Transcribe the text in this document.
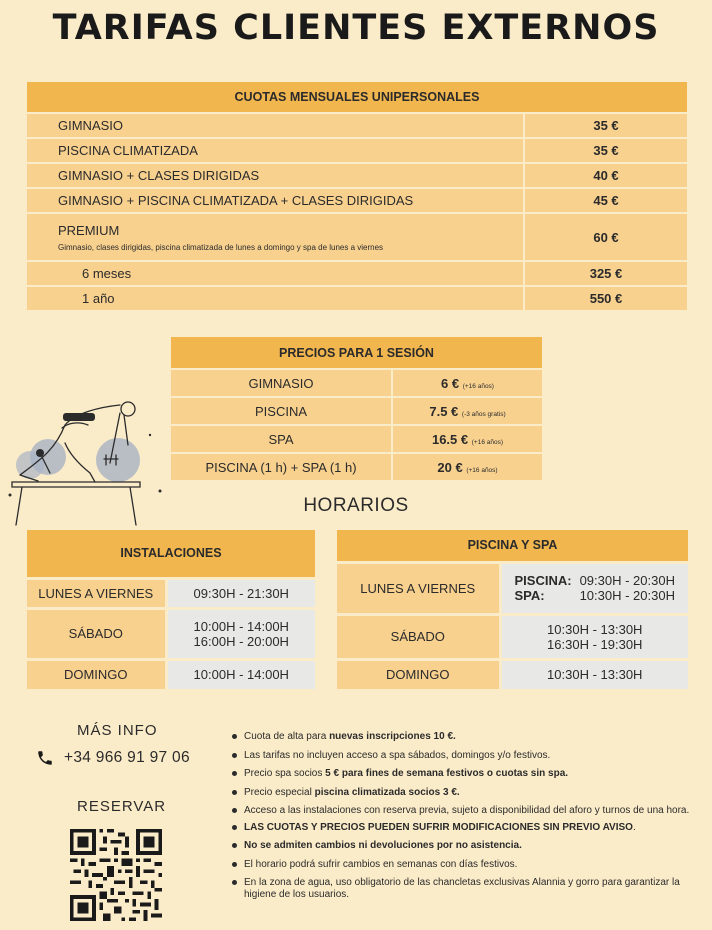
TARIFAS CLIENTES EXTERNOS
CUOTAS MENSUALES UNIPERSONALES	
GIMNASIO	35 €
PISCINA CLIMATIZADA	35 €
GIMNASIO + CLASES DIRIGIDAS	40 €
GIMNASIO + PISCINA CLIMATIZADA + CLASES DIRIGIDAS	45 €
PREMIUM
Gimnasio, clases dirigidas, piscina climatizada de lunes a domingo y spa de lunes a viernes	60 €
6 meses	325 €
1 año	550 €
PRECIOS PARA 1 SESIÓN	
GIMNASIO	6 € (+16 años)
PISCINA	7.5 € (-3 años gratis)
SPA	16.5 € (+16 años)
PISCINA (1 h) + SPA (1 h)	20 € (+16 años)
HORARIOS
INSTALACIONES	
LUNES A VIERNES	09:30H - 21:30H

SÁBADO	10:00H - 14:00H
16:00H - 20:00H

DOMINGO	10:00H - 14:00H
PISCINA Y SPA	
LUNES A VIERNES	PISCINA: 09:30H - 20:30H
SPA: 10:30H - 20:30H

SÁBADO	10:30H - 13:30H
16:30H - 19:30H

DOMINGO	10:30H - 13:30H
MÁS INFO
+34 966 91 97 06
RESERVAR
Cuota de alta para nuevas inscripciones 10 €.
Las tarifas no incluyen acceso a spa sábados, domingos y/o festivos.
Precio spa socios 5 € para fines de semana festivos o cuotas sin spa.
Precio especial piscina climatizada socios 3 €.
Acceso a las instalaciones con reserva previa, sujeto a disponibilidad del aforo y turnos de una hora.
LAS CUOTAS Y PRECIOS PUEDEN SUFRIR MODIFICACIONES SIN PREVIO AVISO.
No se admiten cambios ni devoluciones por no asistencia.
El horario podrá sufrir cambios en semanas con días festivos.
En la zona de agua, uso obligatorio de las chancletas exclusivas Alannia y gorro para garantizar la higiene de los usuarios.
